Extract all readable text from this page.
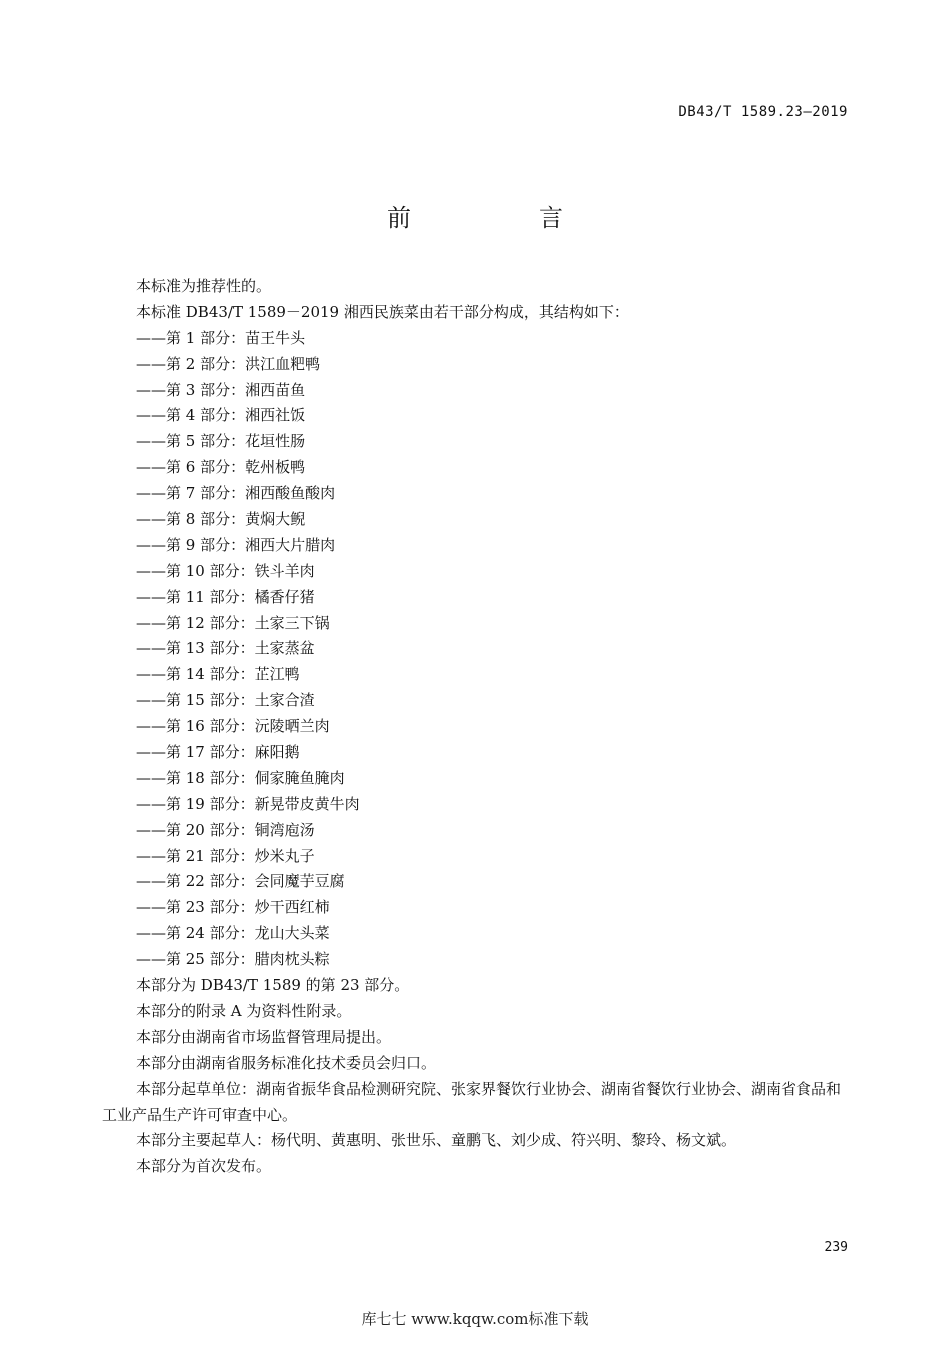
DB43/T 1589.23—2019
前　言
本标准为推荐性的。
本标准 DB43/T 1589－2019 湘西民族菜由若干部分构成，其结构如下：
——第 1 部分：苗王牛头
——第 2 部分：洪江血粑鸭
——第 3 部分：湘西苗鱼
——第 4 部分：湘西社饭
——第 5 部分：花垣性肠
——第 6 部分：乾州板鸭
——第 7 部分：湘西酸鱼酸肉
——第 8 部分：黄焖大鲵
——第 9 部分：湘西大片腊肉
——第 10 部分：铁斗羊肉
——第 11 部分：橘香仔猪
——第 12 部分：土家三下锅
——第 13 部分：土家蒸盆
——第 14 部分：芷江鸭
——第 15 部分：土家合渣
——第 16 部分：沅陵晒兰肉
——第 17 部分：麻阳鹅
——第 18 部分：侗家腌鱼腌肉
——第 19 部分：新晃带皮黄牛肉
——第 20 部分：铜湾庖汤
——第 21 部分：炒米丸子
——第 22 部分：会同魔芋豆腐
——第 23 部分：炒干西红柿
——第 24 部分：龙山大头菜
——第 25 部分：腊肉枕头粽
本部分为 DB43/T 1589 的第 23 部分。
本部分的附录 A 为资料性附录。
本部分由湖南省市场监督管理局提出。
本部分由湖南省服务标准化技术委员会归口。
本部分起草单位：湖南省振华食品检测研究院、张家界餐饮行业协会、湖南省餐饮行业协会、湖南省食品和工业产品生产许可审查中心。
本部分主要起草人：杨代明、黄惠明、张世乐、童鹏飞、刘少成、符兴明、黎玲、杨文斌。
本部分为首次发布。
239
库七七 www.kqqw.com标准下载
